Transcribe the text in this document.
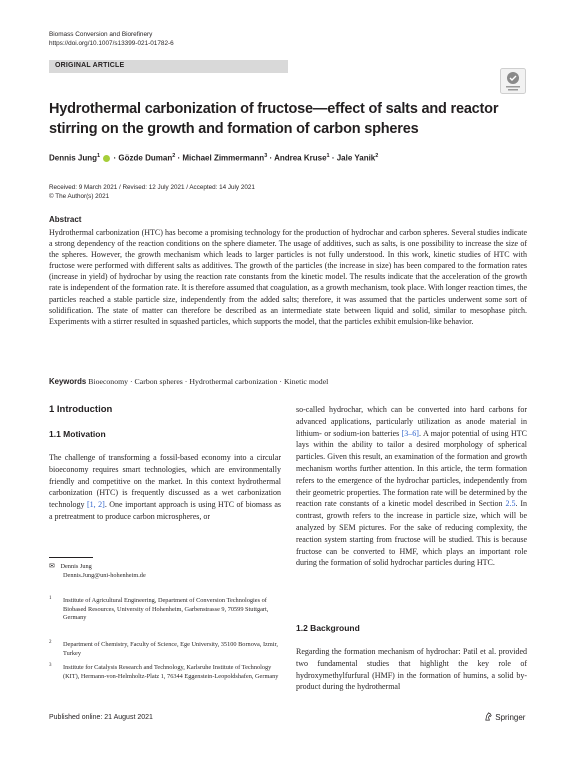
Biomass Conversion and Biorefinery
https://doi.org/10.1007/s13399-021-01782-6
ORIGINAL ARTICLE
Hydrothermal carbonization of fructose—effect of salts and reactor stirring on the growth and formation of carbon spheres
Dennis Jung$^1$  · Gözde Duman$^2$ · Michael Zimmermann$^3$ · Andrea Kruse$^1$ · Jale Yanik$^2$
Received: 9 March 2021 / Revised: 12 July 2021 / Accepted: 14 July 2021
© The Author(s) 2021
Abstract
Hydrothermal carbonization (HTC) has become a promising technology for the production of hydrochar and carbon spheres. Several studies indicate a strong dependency of the reaction conditions on the sphere diameter. The usage of additives, such as salts, is one possibility to increase the size of the spheres. However, the growth mechanism which leads to larger particles is not fully understood. In this work, kinetic studies of HTC with fructose were performed with different salts as additives. The growth of the particles (the increase in size) has been compared to the formation rates (increase in yield) of hydrochar by using the reaction rate constants from the kinetic model. The results indicate that the acceleration of the growth rate is independent of the formation rate. It is therefore assumed that coagulation, as a growth mechanism, took place. With longer reaction times, the particles reached a stable particle size, independently from the added salts; therefore, it was assumed that the particles underwent some sort of solidification. The state of matter can therefore be described as an intermediate state between liquid and solid, similar to mesophase pitch. Experiments with a stirrer resulted in squashed particles, which supports the model, that the particles exhibit emulsion-like behavior.
Keywords Bioeconomy · Carbon spheres · Hydrothermal carbonization · Kinetic model
1 Introduction
1.1 Motivation
The challenge of transforming a fossil-based economy into a circular bioeconomy requires smart technologies, which are environmentally friendly and competitive on the market. In this context hydrothermal carbonization (HTC) is frequently discussed as a wet carbonization technology [1, 2]. One important approach is using HTC of biomass as a pretreatment to produce carbon microspheres, or
✉ Dennis Jung
Dennis.Jung@uni-hohenheim.de
1 Institute of Agricultural Engineering, Department of Conversion Technologies of Biobased Resources, University of Hohenheim, Garbenstrasse 9, 70599 Stuttgart, Germany
2 Department of Chemistry, Faculty of Science, Ege University, 35100 Bornova, Izmir, Turkey
3 Institute for Catalysis Research and Technology, Karlsruhe Institute of Technology (KIT), Hermann-von-Helmholtz-Platz 1, 76344 Eggenstein-Leopoldshafen, Germany
so-called hydrochar, which can be converted into hard carbons for advanced applications, particularly utilization as anode material in lithium- or sodium-ion batteries [3–6]. A major potential of using HTC lays within the ability to tailor a desired morphology of spherical particles. Given this result, an examination of the formation and growth mechanism worths further attention. In this article, the term formation refers to the emergence of the hydrochar particles, independently from their geometric properties. The formation rate will be determined by the reaction rate constants of a kinetic model described in Section 2.5. In contrast, growth refers to the increase in particle size, which will be analyzed by SEM pictures. For the sake of reducing complexity, the reaction system starting from fructose will be studied. This is because fructose can be converted to HMF, which plays an important role during the formation of solid hydrochar particles during HTC.
1.2 Background
Regarding the formation mechanism of hydrochar: Patil et al. provided two fundamental studies that highlight the key role of hydroxymethylfurfural (HMF) in the formation of humins, a solid by-product during the hydrothermal
Published online: 21 August 2021	Springer
